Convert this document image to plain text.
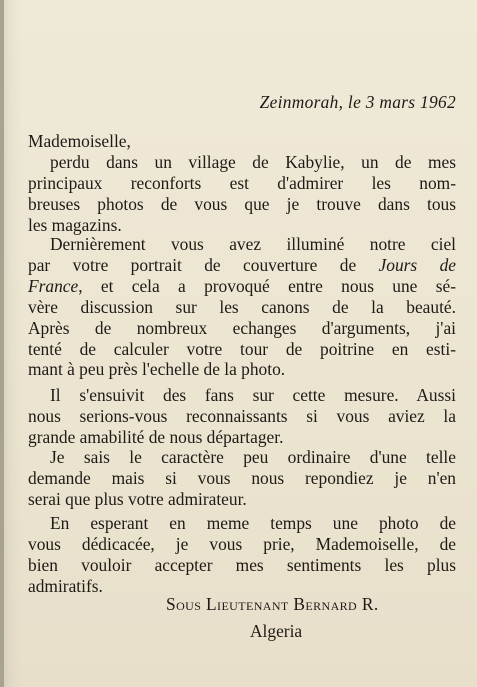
Zeinmorah, le 3 mars 1962
Mademoiselle,
perdu dans un village de Kabylie, un de mes
principaux reconforts est d'admirer les nom-
breuses photos de vous que je trouve dans tous
les magazins.
Dernièrement vous avez illuminé notre ciel
par votre portrait de couverture de Jours de
France, et cela a provoqué entre nous une sé-
vère discussion sur les canons de la beauté.
Après de nombreux echanges d'arguments, j'ai
tenté de calculer votre tour de poitrine en esti-
mant à peu près l'echelle de la photo.
Il s'ensuivit des fans sur cette mesure. Aussi
nous serions-vous reconnaissants si vous aviez la
grande amabilité de nous départager.
Je sais le caractère peu ordinaire d'une telle
demande mais si vous nous repondiez je n'en
serai que plus votre admirateur.
En esperant en meme temps une photo de
vous dédicacée, je vous prie, Mademoiselle, de
bien vouloir accepter mes sentiments les plus
admiratifs.
Sous Lieutenant Bernard R.
Algeria
